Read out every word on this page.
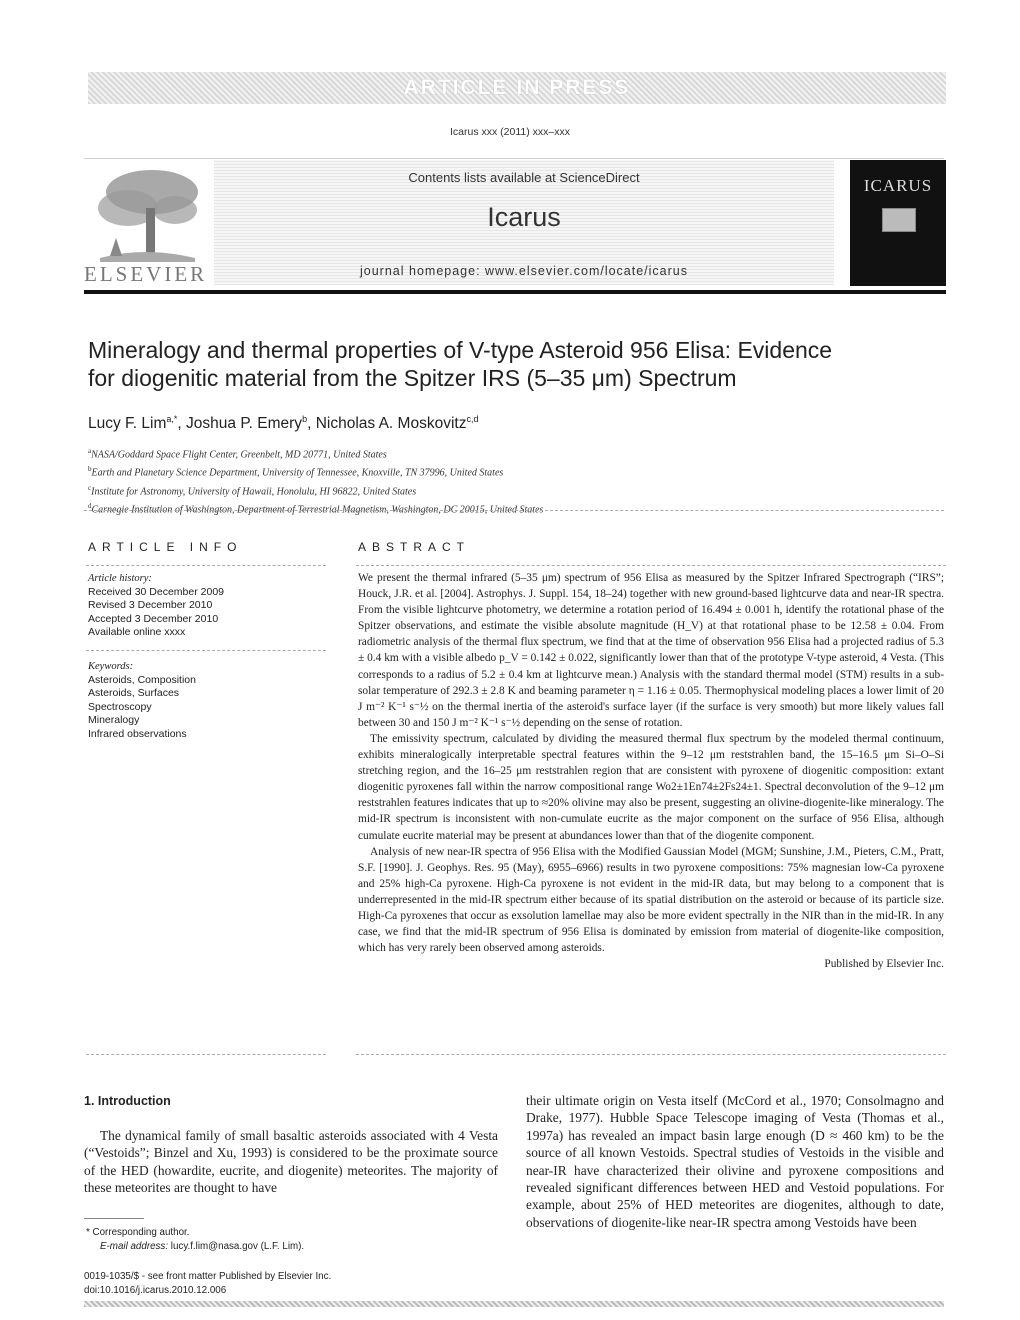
ARTICLE IN PRESS
Icarus xxx (2011) xxx–xxx
ELSEVIER
Contents lists available at ScienceDirect
Icarus
journal homepage: www.elsevier.com/locate/icarus
ICARUS
Mineralogy and thermal properties of V-type Asteroid 956 Elisa: Evidence
for diogenitic material from the Spitzer IRS (5–35 μm) Spectrum
Lucy F. Lim$^{a,*}$, Joshua P. Emery$^b$, Nicholas A. Moskovitz$^{c,d}$
$^a$NASA/Goddard Space Flight Center, Greenbelt, MD 20771, United States
$^b$Earth and Planetary Science Department, University of Tennessee, Knoxville, TN 37996, United States
$^c$Institute for Astronomy, University of Hawaii, Honolulu, HI 96822, United States
$^d$Carnegie Institution of Washington, Department of Terrestrial Magnetism, Washington, DC 20015, United States
ARTICLE INFO
Article history:
Received 30 December 2009
Revised 3 December 2010
Accepted 3 December 2010
Available online xxxx
Keywords:
Asteroids, Composition
Asteroids, Surfaces
Spectroscopy
Mineralogy
Infrared observations
ABSTRACT

We present the thermal infrared (5–35 μm) spectrum of 956 Elisa as measured by the Spitzer Infrared Spectrograph (“IRS”; Houck, J.R. et al. [2004]. Astrophys. J. Suppl. 154, 18–24) together with new ground-based lightcurve data and near-IR spectra. From the visible lightcurve photometry, we determine a rotation period of 16.494 ± 0.001 h, identify the rotational phase of the Spitzer observations, and estimate the visible absolute magnitude (H_V) at that rotational phase to be 12.58 ± 0.04. From radiometric analysis of the thermal flux spectrum, we find that at the time of observation 956 Elisa had a projected radius of 5.3 ± 0.4 km with a visible albedo p_V = 0.142 ± 0.022, significantly lower than that of the prototype V-type asteroid, 4 Vesta. (This corresponds to a radius of 5.2 ± 0.4 km at lightcurve mean.) Analysis with the standard thermal model (STM) results in a sub-solar temperature of 292.3 ± 2.8 K and beaming parameter η = 1.16 ± 0.05. Thermophysical modeling places a lower limit of 20 J m⁻² K⁻¹ s⁻½ on the thermal inertia of the asteroid's surface layer (if the surface is very smooth) but more likely values fall between 30 and 150 J m⁻² K⁻¹ s⁻½ depending on the sense of rotation.

The emissivity spectrum, calculated by dividing the measured thermal flux spectrum by the modeled thermal continuum, exhibits mineralogically interpretable spectral features within the 9–12 μm reststrahlen band, the 15–16.5 μm Si–O–Si stretching region, and the 16–25 μm reststrahlen region that are consistent with pyroxene of diogenitic composition: extant diogenitic pyroxenes fall within the narrow compositional range Wo2±1En74±2Fs24±1. Spectral deconvolution of the 9–12 μm reststrahlen features indicates that up to ≈20% olivine may also be present, suggesting an olivine-diogenite-like mineralogy. The mid-IR spectrum is inconsistent with non-cumulate eucrite as the major component on the surface of 956 Elisa, although cumulate eucrite material may be present at abundances lower than that of the diogenite component.

Analysis of new near-IR spectra of 956 Elisa with the Modified Gaussian Model (MGM; Sunshine, J.M., Pieters, C.M., Pratt, S.F. [1990]. J. Geophys. Res. 95 (May), 6955–6966) results in two pyroxene compositions: 75% magnesian low-Ca pyroxene and 25% high-Ca pyroxene. High-Ca pyroxene is not evident in the mid-IR data, but may belong to a component that is underrepresented in the mid-IR spectrum either because of its spatial distribution on the asteroid or because of its particle size. High-Ca pyroxenes that occur as exsolution lamellae may also be more evident spectrally in the NIR than in the mid-IR. In any case, we find that the mid-IR spectrum of 956 Elisa is dominated by emission from material of diogenite-like composition, which has very rarely been observed among asteroids.

Published by Elsevier Inc.
1. Introduction

The dynamical family of small basaltic asteroids associated with 4 Vesta (“Vestoids”; Binzel and Xu, 1993) is considered to be the proximate source of the HED (howardite, eucrite, and diogenite) meteorites. The majority of these meteorites are thought to have

their ultimate origin on Vesta itself (McCord et al., 1970; Consolmagno and Drake, 1977). Hubble Space Telescope imaging of Vesta (Thomas et al., 1997a) has revealed an impact basin large enough (D ≈ 460 km) to be the source of all known Vestoids. Spectral studies of Vestoids in the visible and near-IR have characterized their olivine and pyroxene compositions and revealed significant differences between HED and Vestoid populations. For example, about 25% of HED meteorites are diogenites, although to date, observations of diogenite-like near-IR spectra among Vestoids have been

* Corresponding author.
E-mail address: lucy.f.lim@nasa.gov (L.F. Lim).
0019-1035/$ - see front matter Published by Elsevier Inc.
doi:10.1016/j.icarus.2010.12.006
